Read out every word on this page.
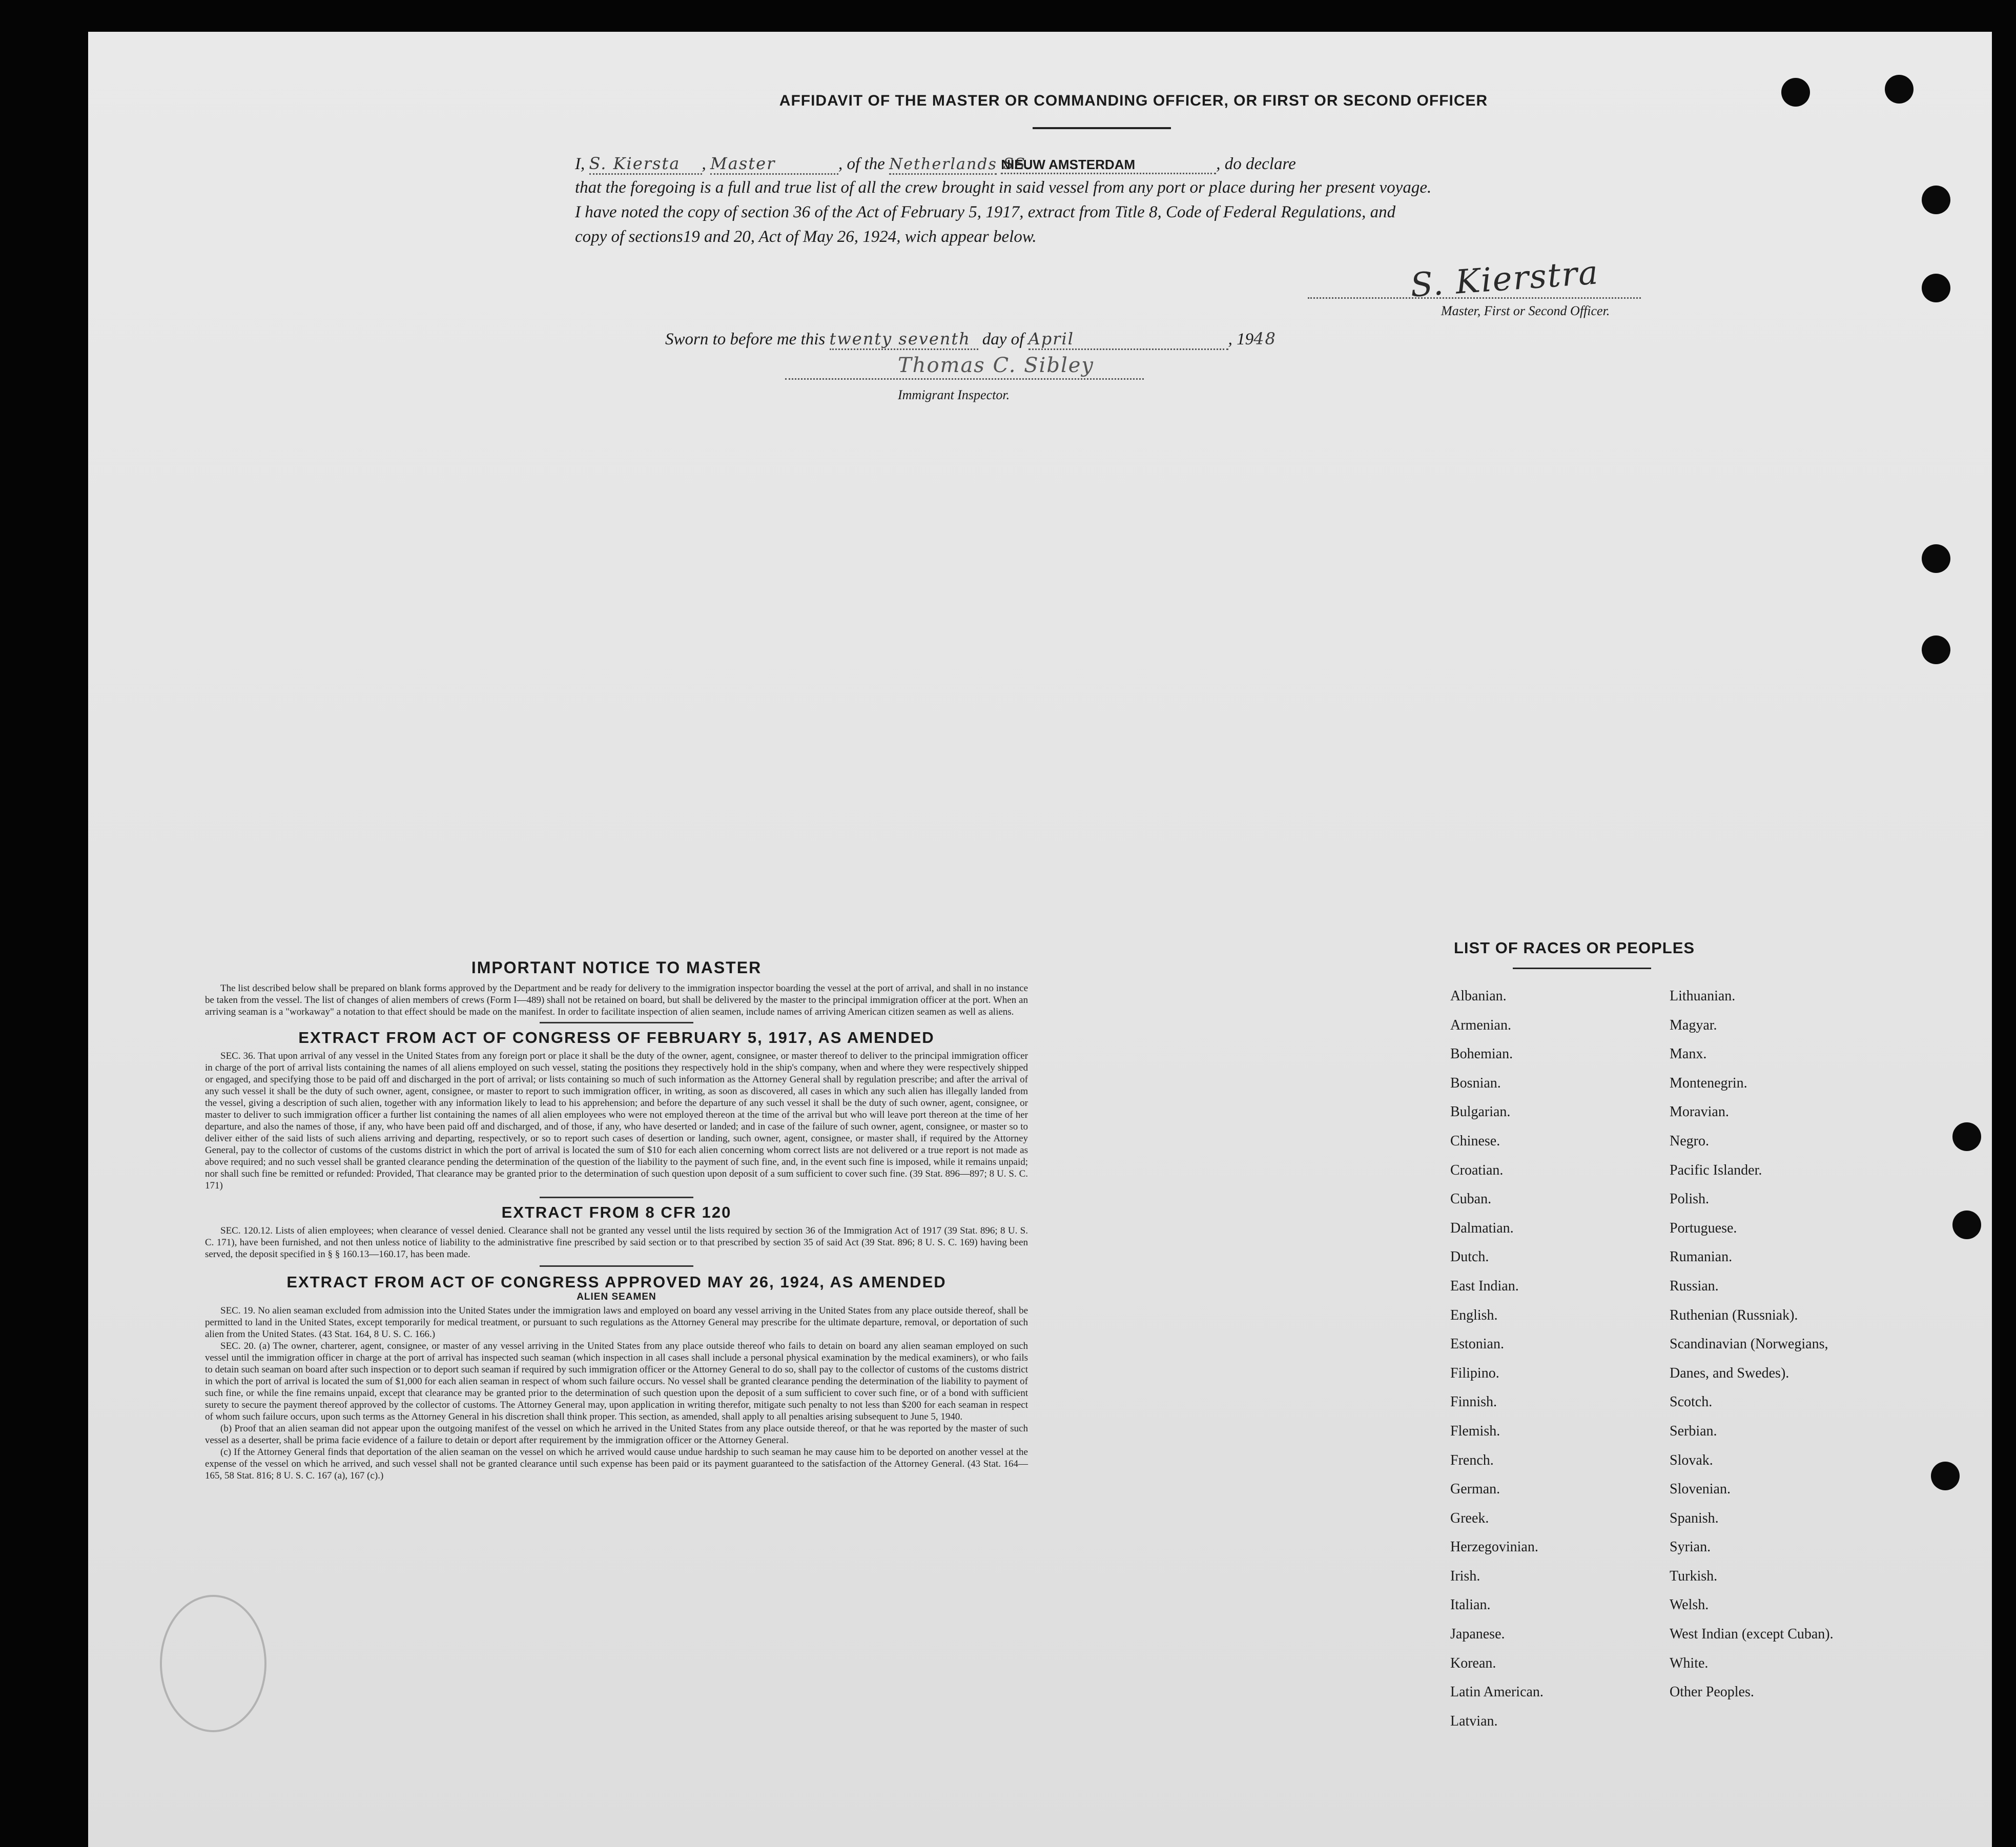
AFFIDAVIT OF THE MASTER OR COMMANDING OFFICER, OR FIRST OR SECOND OFFICER
I, S. Kiersta , Master	, of the Netherlands SS. NIEUW AMSTERDAM	, do declare
that the foregoing is a full and true list of all the crew brought in said vessel from any port or place during her present voyage.
I have noted the copy of section 36 of the Act of February 5, 1917, extract from Title 8, Code of Federal Regulations, and
copy of sections19 and 20, Act of May 26, 1924, wich appear below.
S. Kierstra
Master, First or Second Officer.
Sworn to before me this twenty seventh day of April	, 1948
Thomas C. Sibley
Immigrant Inspector.
IMPORTANT NOTICE TO MASTER

The list described below shall be prepared on blank forms approved by the Department and be ready for delivery to the immigration inspector boarding the vessel at the port of arrival, and shall in no instance be taken from the vessel. The list of changes of alien members of crews (Form I—489) shall not be retained on board, but shall be delivered by the master to the principal immigration officer at the port. When an arriving seaman is a "workaway" a notation to that effect should be made on the manifest. In order to facilitate inspection of alien seamen, include names of arriving American citizen seamen as well as aliens.

EXTRACT FROM ACT OF CONGRESS OF FEBRUARY 5, 1917, AS AMENDED

SEC. 36. That upon arrival of any vessel in the United States from any foreign port or place it shall be the duty of the owner, agent, consignee, or master thereof to deliver to the principal immigration officer in charge of the port of arrival lists containing the names of all aliens employed on such vessel, stating the positions they respectively hold in the ship's company, when and where they were respectively shipped or engaged, and specifying those to be paid off and discharged in the port of arrival; or lists containing so much of such information as the Attorney General shall by regulation prescribe; and after the arrival of any such vessel it shall be the duty of such owner, agent, consignee, or master to report to such immigration officer, in writing, as soon as discovered, all cases in which any such alien has illegally landed from the vessel, giving a description of such alien, together with any information likely to lead to his apprehension; and before the departure of any such vessel it shall be the duty of such owner, agent, consignee, or master to deliver to such immigration officer a further list containing the names of all alien employees who were not employed thereon at the time of the arrival but who will leave port thereon at the time of her departure, and also the names of those, if any, who have been paid off and discharged, and of those, if any, who have deserted or landed; and in case of the failure of such owner, agent, consignee, or master so to deliver either of the said lists of such aliens arriving and departing, respectively, or so to report such cases of desertion or landing, such owner, agent, consignee, or master shall, if required by the Attorney General, pay to the collector of customs of the customs district in which the port of arrival is located the sum of $10 for each alien concerning whom correct lists are not delivered or a true report is not made as above required; and no such vessel shall be granted clearance pending the determination of the question of the liability to the payment of such fine, and, in the event such fine is imposed, while it remains unpaid; nor shall such fine be remitted or refunded: Provided, That clearance may be granted prior to the determination of such question upon deposit of a sum sufficient to cover such fine. (39 Stat. 896—897; 8 U. S. C. 171)

EXTRACT FROM 8 CFR 120

SEC. 120.12. Lists of alien employees; when clearance of vessel denied. Clearance shall not be granted any vessel until the lists required by section 36 of the Immigration Act of 1917 (39 Stat. 896; 8 U. S. C. 171), have been furnished, and not then unless notice of liability to the administrative fine prescribed by said section or to that prescribed by section 35 of said Act (39 Stat. 896; 8 U. S. C. 169) having been served, the deposit specified in § § 160.13—160.17, has been made.

EXTRACT FROM ACT OF CONGRESS APPROVED MAY 26, 1924, AS AMENDED
ALIEN SEAMEN

SEC. 19. No alien seaman excluded from admission into the United States under the immigration laws and employed on board any vessel arriving in the United States from any place outside thereof, shall be permitted to land in the United States, except temporarily for medical treatment, or pursuant to such regulations as the Attorney General may prescribe for the ultimate departure, removal, or deportation of such alien from the United States. (43 Stat. 164, 8 U. S. C. 166.)

SEC. 20. (a) The owner, charterer, agent, consignee, or master of any vessel arriving in the United States from any place outside thereof who fails to detain on board any alien seaman employed on such vessel until the immigration officer in charge at the port of arrival has inspected such seaman (which inspection in all cases shall include a personal physical examination by the medical examiners), or who fails to detain such seaman on board after such inspection or to deport such seaman if required by such immigration officer or the Attorney General to do so, shall pay to the collector of customs of the customs district in which the port of arrival is located the sum of $1,000 for each alien seaman in respect of whom such failure occurs. No vessel shall be granted clearance pending the determination of the liability to payment of such fine, or while the fine remains unpaid, except that clearance may be granted prior to the determination of such question upon the deposit of a sum sufficient to cover such fine, or of a bond with sufficient surety to secure the payment thereof approved by the collector of customs. The Attorney General may, upon application in writing therefor, mitigate such penalty to not less than $200 for each seaman in respect of whom such failure occurs, upon such terms as the Attorney General in his discretion shall think proper. This section, as amended, shall apply to all penalties arising subsequent to June 5, 1940.

(b) Proof that an alien seaman did not appear upon the outgoing manifest of the vessel on which he arrived in the United States from any place outside thereof, or that he was reported by the master of such vessel as a deserter, shall be prima facie evidence of a failure to detain or deport after requirement by the immigration officer or the Attorney General.

(c) If the Attorney General finds that deportation of the alien seaman on the vessel on which he arrived would cause undue hardship to such seaman he may cause him to be deported on another vessel at the expense of the vessel on which he arrived, and such vessel shall not be granted clearance until such expense has been paid or its payment guaranteed to the satisfaction of the Attorney General. (43 Stat. 164—165, 58 Stat. 816; 8 U. S. C. 167 (a), 167 (c).)

LIST OF RACES OR PEOPLES
Albanian.
Armenian.
Bohemian.
Bosnian.
Bulgarian.
Chinese.
Croatian.
Cuban.
Dalmatian.
Dutch.
East Indian.
English.
Estonian.
Filipino.
Finnish.
Flemish.
French.
German.
Greek.
Herzegovinian.
Irish.
Italian.
Japanese.
Korean.
Latin American.
Latvian.
Lithuanian.
Magyar.
Manx.
Montenegrin.
Moravian.
Negro.
Pacific Islander.
Polish.
Portuguese.
Rumanian.
Russian.
Ruthenian (Russniak).
Scandinavian (Norwegians,
Danes, and Swedes).
Scotch.
Serbian.
Slovak.
Slovenian.
Spanish.
Syrian.
Turkish.
Welsh.
West Indian (except Cuban).
White.
Other Peoples.
